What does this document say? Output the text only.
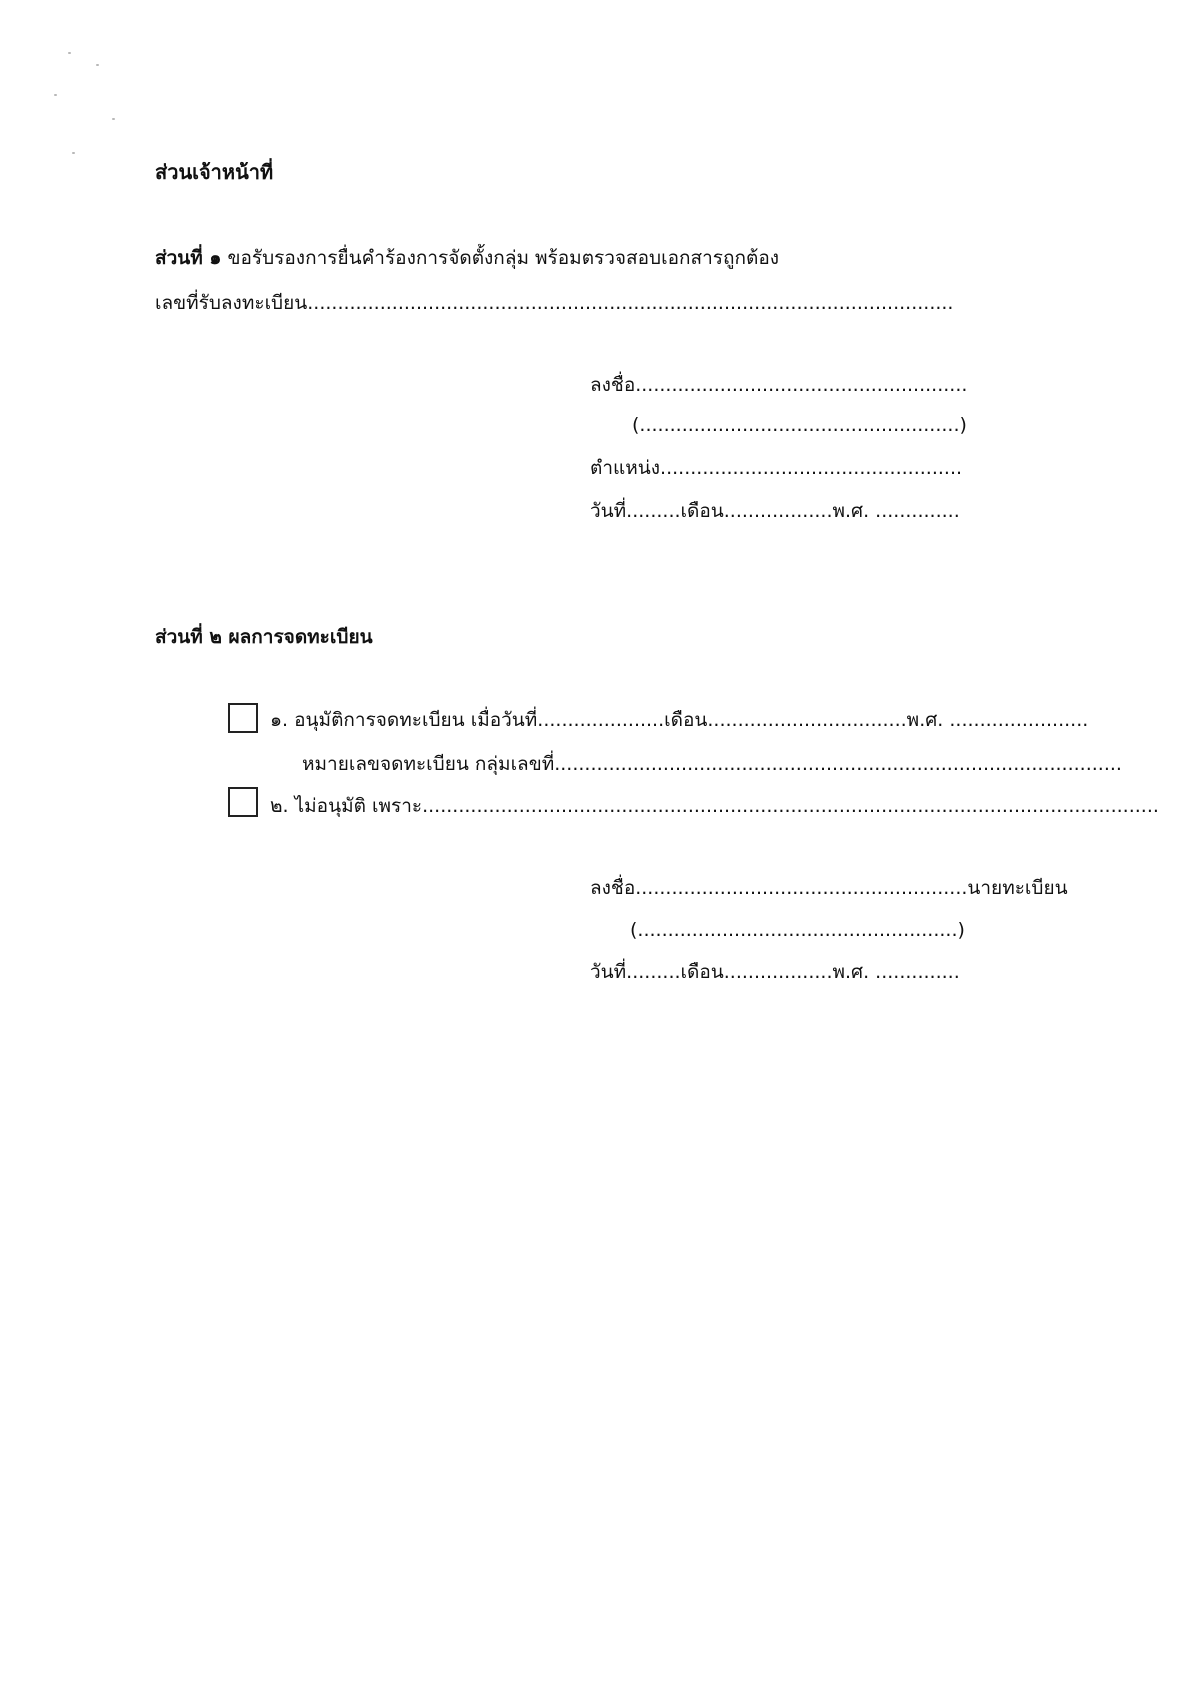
ส่วนเจ้าหน้าที่
ส่วนที่ ๑ ขอรับรองการยื่นคำร้องการจัดตั้งกลุ่ม พร้อมตรวจสอบเอกสารถูกต้อง
เลขที่รับลงทะเบียน...........................................................................................................
ลงชื่อ.......................................................
(.....................................................)
ตำแหน่ง..................................................
วันที่.........เดือน..................พ.ศ. ..............
ส่วนที่ ๒ ผลการจดทะเบียน
๑. อนุมัติการจดทะเบียน เมื่อวันที่.....................เดือน.................................พ.ศ. .......................
หมายเลขจดทะเบียน กลุ่มเลขที่..............................................................................................
๒. ไม่อนุมัติ เพราะ..........................................................................................................................
ลงชื่อ.......................................................นายทะเบียน
(.....................................................)
วันที่.........เดือน..................พ.ศ. ..............
